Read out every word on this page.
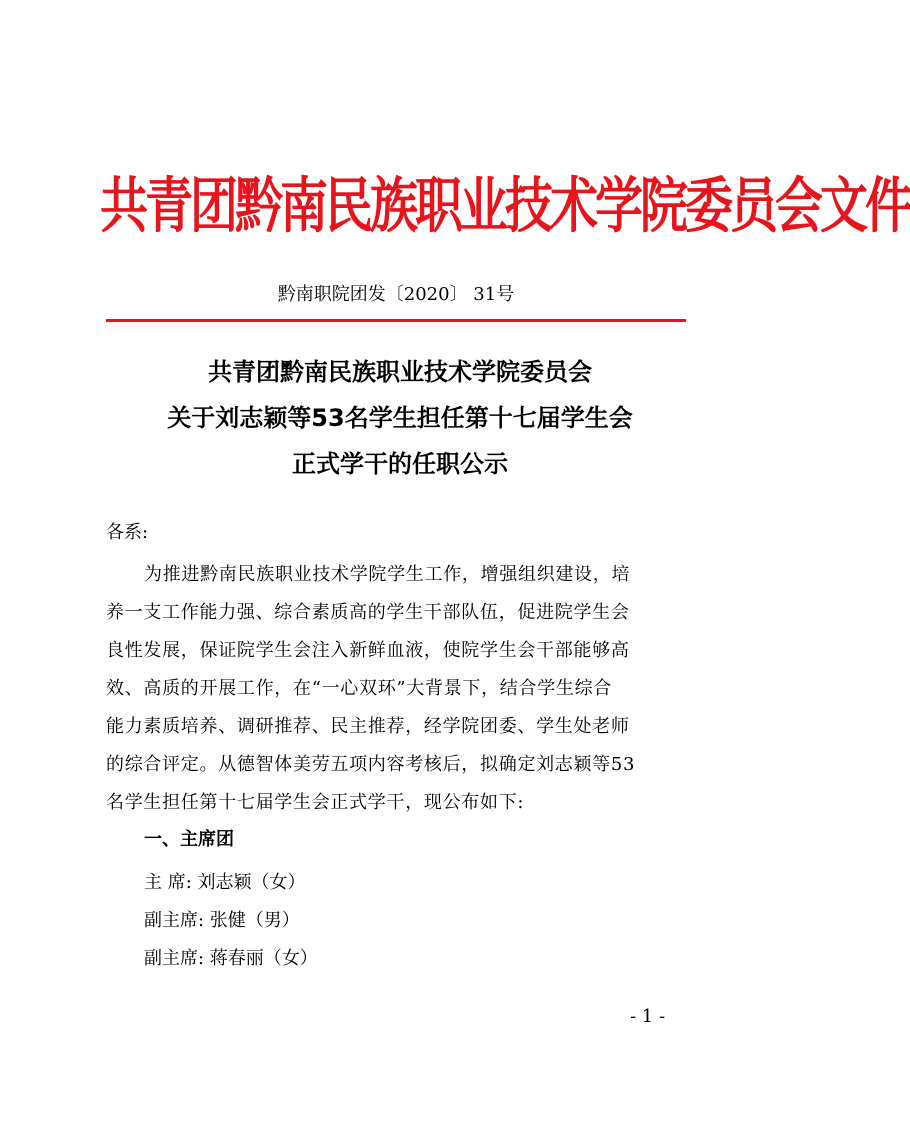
共青团黔南民族职业技术学院委员会文件
黔南职院团发〔2020〕 31号
共青团黔南民族职业技术学院委员会
关于刘志颖等53名学生担任第十七届学生会
正式学干的任职公示
各系:
为推进黔南民族职业技术学院学生工作，增强组织建设，培
养一支工作能力强、综合素质高的学生干部队伍，促进院学生会
良性发展，保证院学生会注入新鲜血液，使院学生会干部能够高
效、高质的开展工作，在“一心双环”大背景下，结合学生综合
能力素质培养、调研推荐、民主推荐，经学院团委、学生处老师
的综合评定。从德智体美劳五项内容考核后，拟确定刘志颖等53
名学生担任第十七届学生会正式学干，现公布如下:
一、主席团
主 席: 刘志颖（女）
副主席: 张健（男）
副主席: 蒋春丽（女）
- 1 -
